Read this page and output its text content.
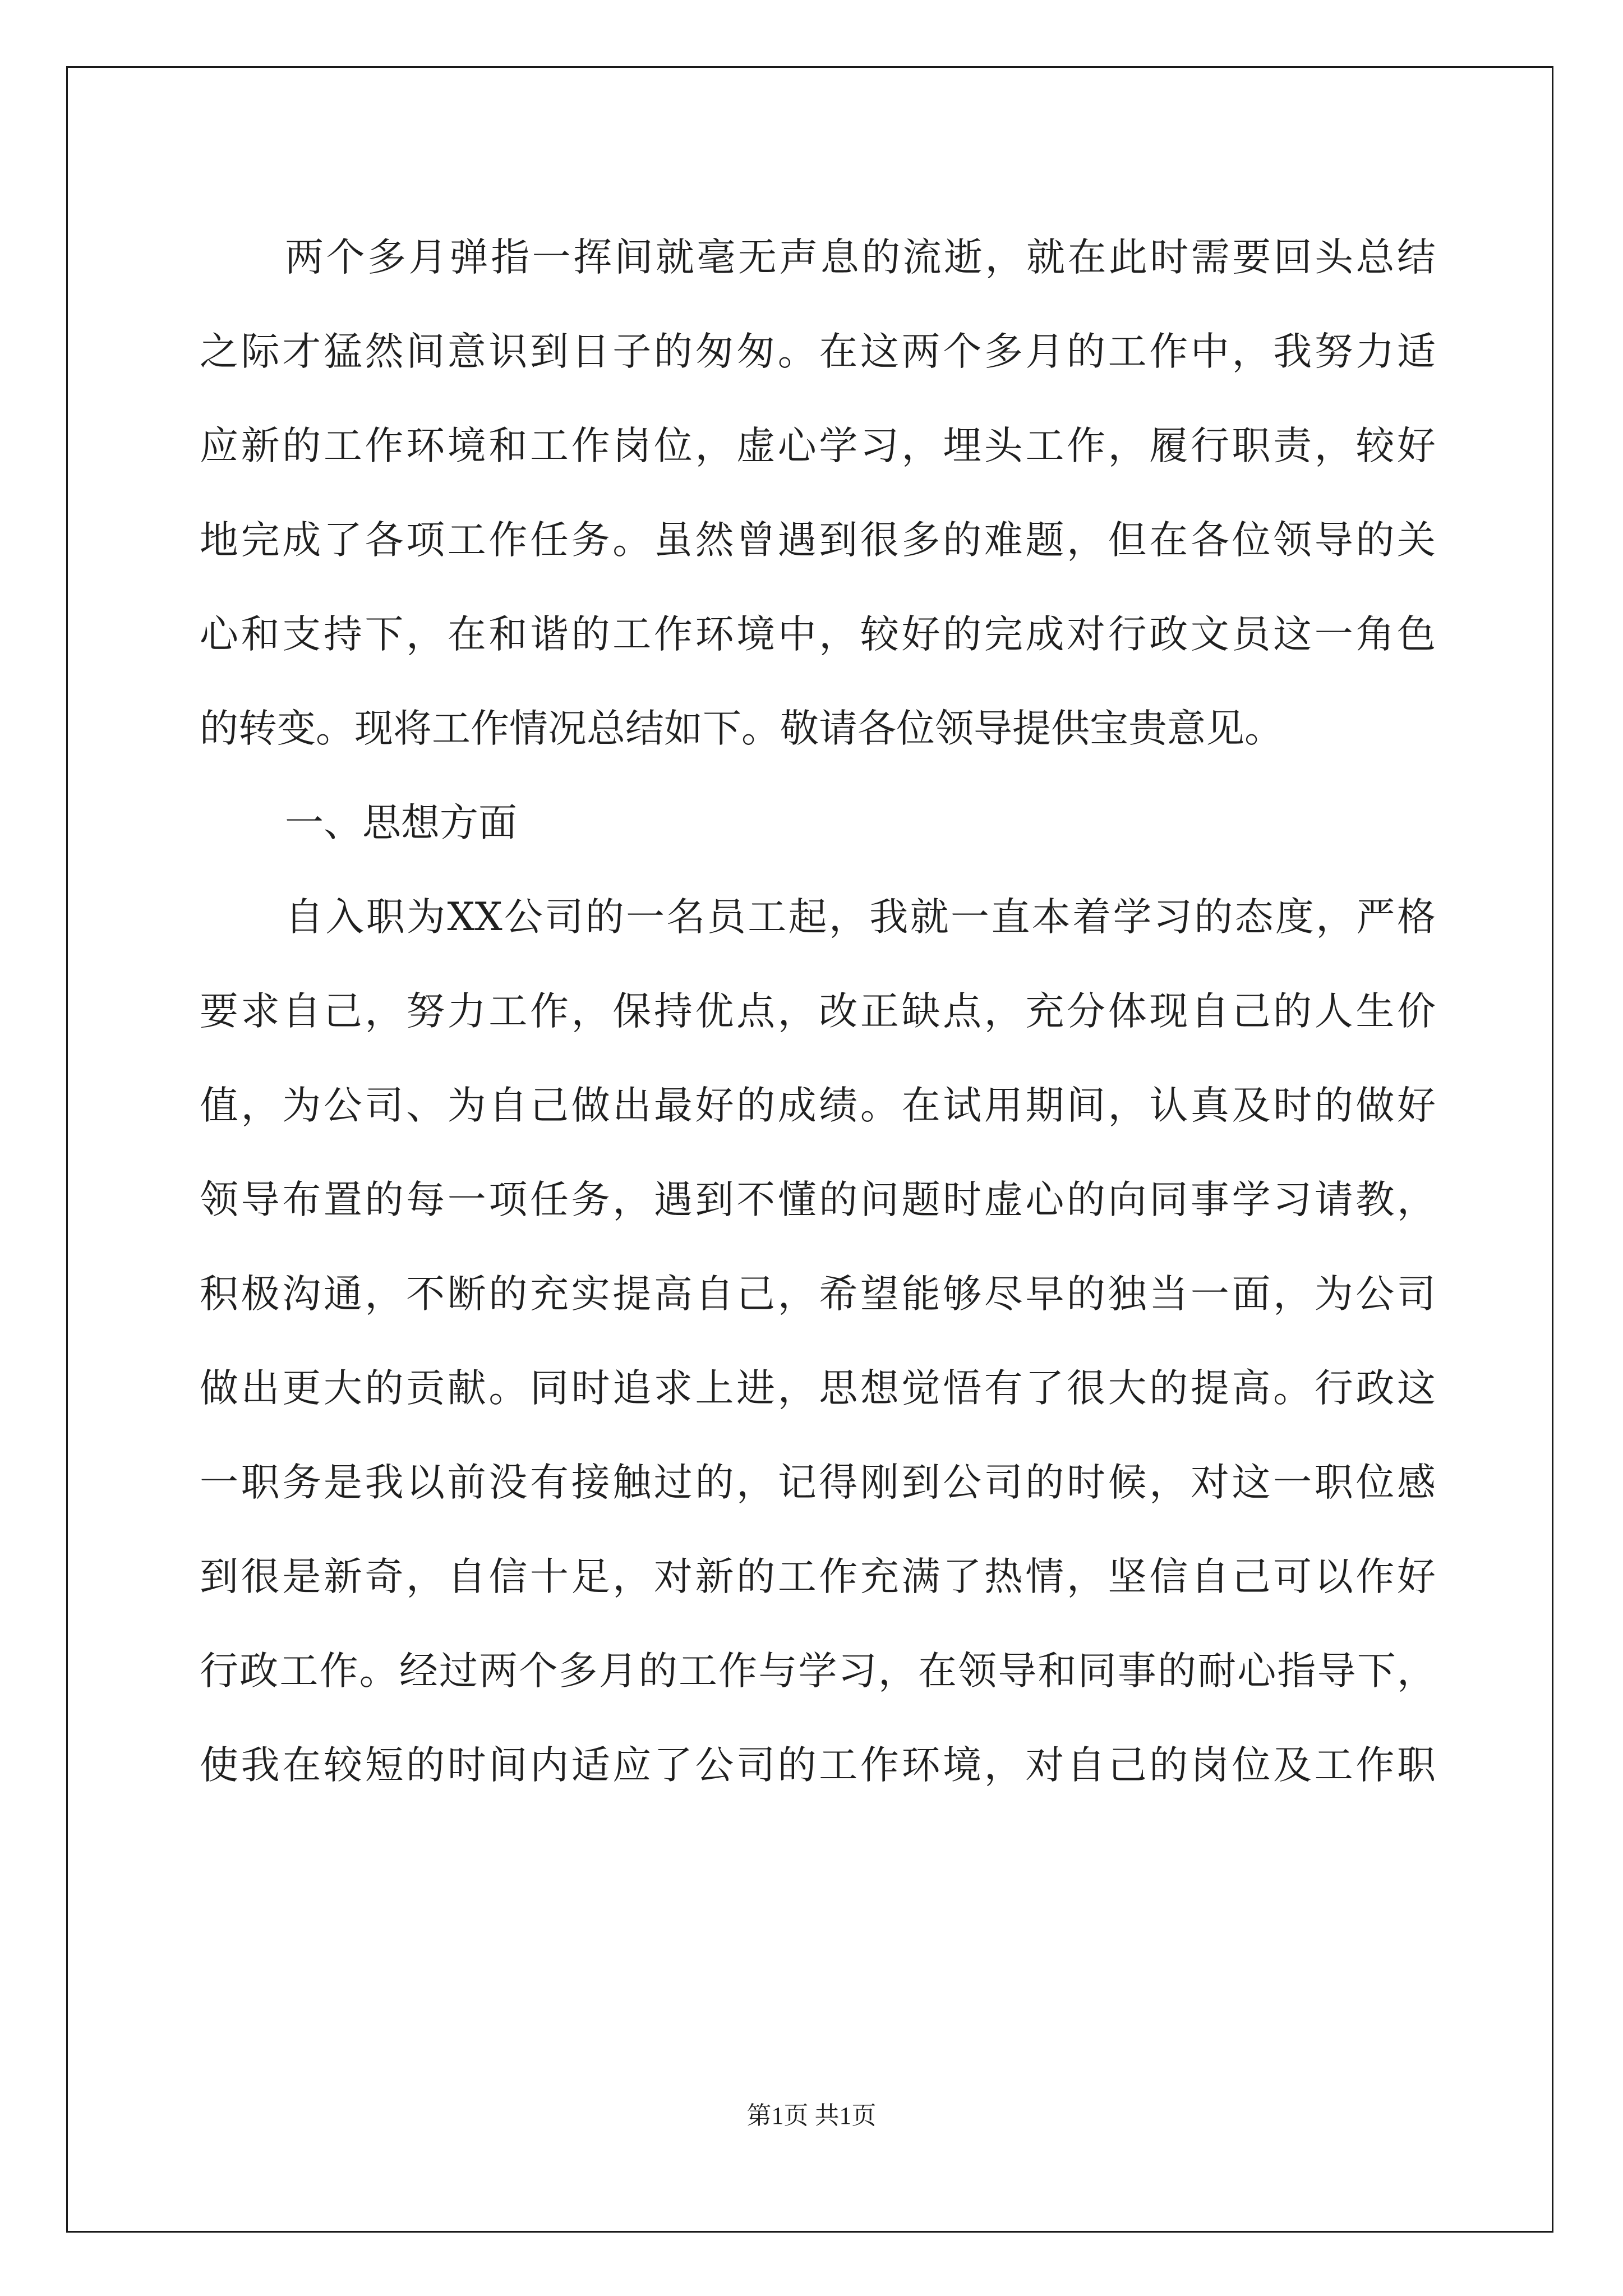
两个多月弹指一挥间就毫无声息的流逝，就在此时需要回头总结
之际才猛然间意识到日子的匆匆。在这两个多月的工作中，我努力适
应新的工作环境和工作岗位，虚心学习，埋头工作，履行职责，较好
地完成了各项工作任务。虽然曾遇到很多的难题，但在各位领导的关
心和支持下，在和谐的工作环境中，较好的完成对行政文员这一角色
的转变。现将工作情况总结如下。敬请各位领导提供宝贵意见。
一、思想方面
自入职为XX公司的一名员工起，我就一直本着学习的态度，严格
要求自己，努力工作，保持优点，改正缺点，充分体现自己的人生价
值，为公司、为自己做出最好的成绩。在试用期间，认真及时的做好
领导布置的每一项任务，遇到不懂的问题时虚心的向同事学习请教，
积极沟通，不断的充实提高自己，希望能够尽早的独当一面，为公司
做出更大的贡献。同时追求上进，思想觉悟有了很大的提高。行政这
一职务是我以前没有接触过的，记得刚到公司的时候，对这一职位感
到很是新奇，自信十足，对新的工作充满了热情，坚信自己可以作好
行政工作。经过两个多月的工作与学习，在领导和同事的耐心指导下，
使我在较短的时间内适应了公司的工作环境，对自己的岗位及工作职
第1页 共1页
